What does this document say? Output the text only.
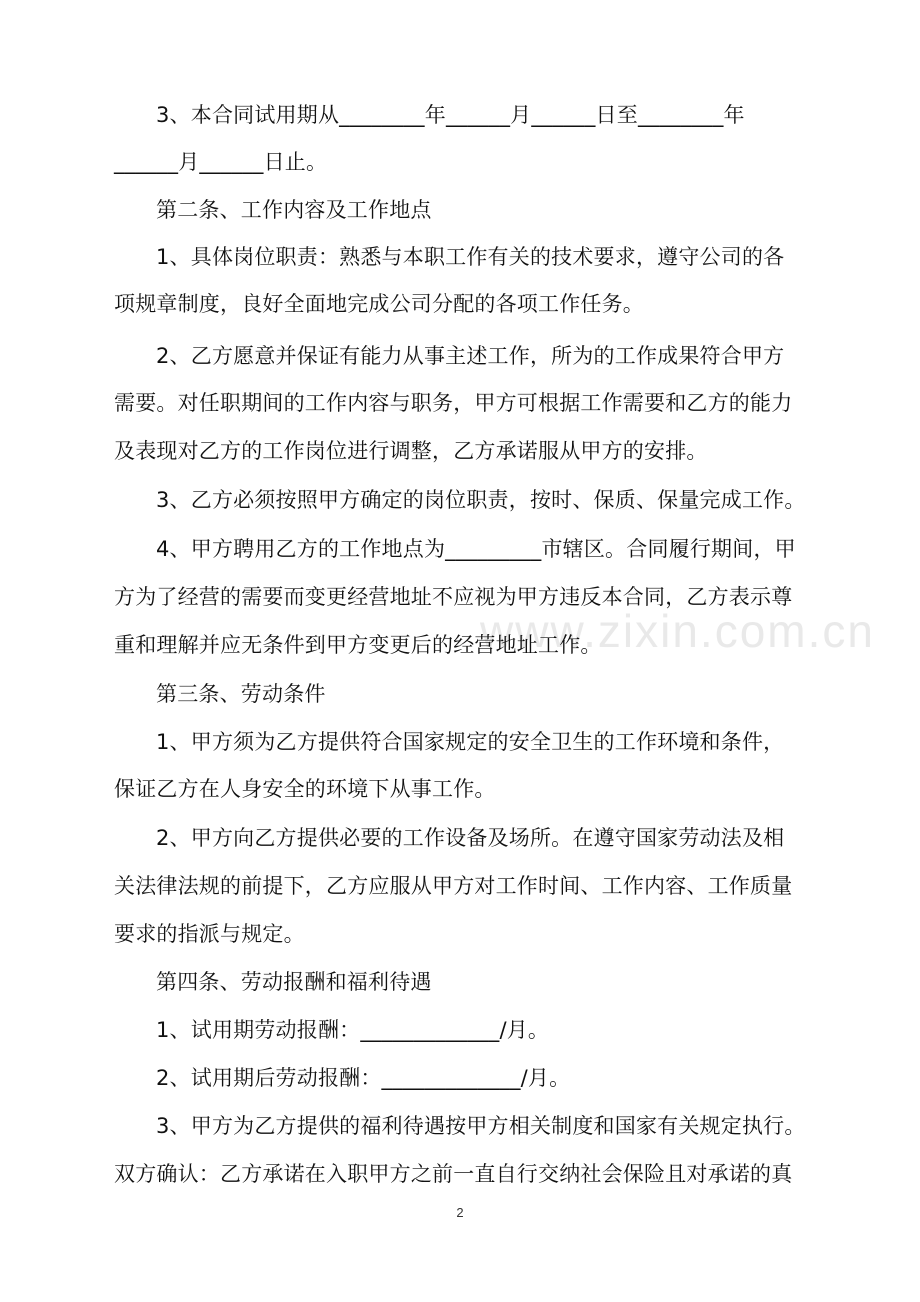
www.zixin.com.cn
3、本合同试用期从________年______月______日至________年
______月______日止。
第二条、工作内容及工作地点
1、具体岗位职责：熟悉与本职工作有关的技术要求，遵守公司的各
项规章制度，良好全面地完成公司分配的各项工作任务。
2、乙方愿意并保证有能力从事主述工作，所为的工作成果符合甲方
需要。对任职期间的工作内容与职务，甲方可根据工作需要和乙方的能力
及表现对乙方的工作岗位进行调整，乙方承诺服从甲方的安排。
3、乙方必须按照甲方确定的岗位职责，按时、保质、保量完成工作。
4、甲方聘用乙方的工作地点为_________市辖区。合同履行期间，甲
方为了经营的需要而变更经营地址不应视为甲方违反本合同，乙方表示尊
重和理解并应无条件到甲方变更后的经营地址工作。
第三条、劳动条件
1、甲方须为乙方提供符合国家规定的安全卫生的工作环境和条件，
保证乙方在人身安全的环境下从事工作。
2、甲方向乙方提供必要的工作设备及场所。在遵守国家劳动法及相
关法律法规的前提下，乙方应服从甲方对工作时间、工作内容、工作质量
要求的指派与规定。
第四条、劳动报酬和福利待遇
1、试用期劳动报酬：_____________/月。
2、试用期后劳动报酬：_____________/月。
3、甲方为乙方提供的福利待遇按甲方相关制度和国家有关规定执行。
双方确认：乙方承诺在入职甲方之前一直自行交纳社会保险且对承诺的真
2
